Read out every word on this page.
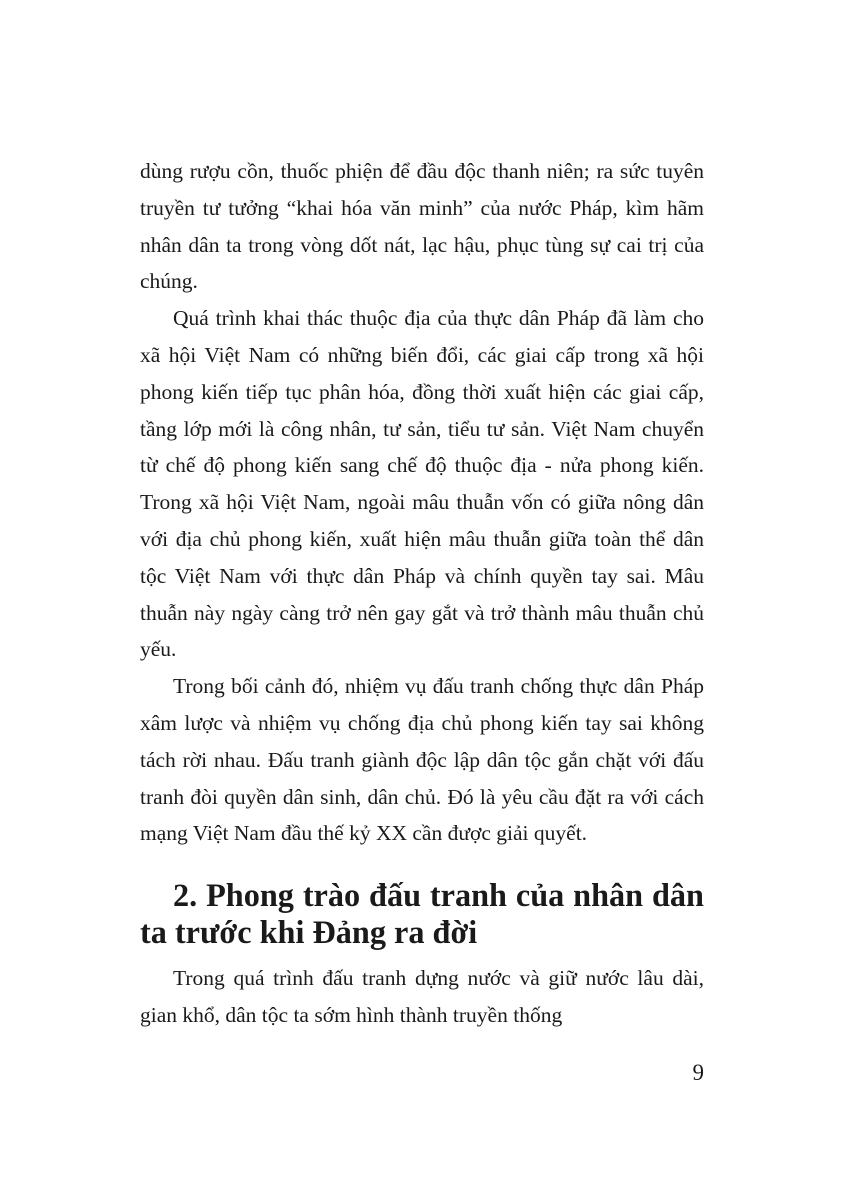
dùng rượu cồn, thuốc phiện để đầu độc thanh niên; ra sức tuyên truyền tư tưởng “khai hóa văn minh” của nước Pháp, kìm hãm nhân dân ta trong vòng dốt nát, lạc hậu, phục tùng sự cai trị của chúng.

Quá trình khai thác thuộc địa của thực dân Pháp đã làm cho xã hội Việt Nam có những biến đổi, các giai cấp trong xã hội phong kiến tiếp tục phân hóa, đồng thời xuất hiện các giai cấp, tầng lớp mới là công nhân, tư sản, tiểu tư sản. Việt Nam chuyển từ chế độ phong kiến sang chế độ thuộc địa - nửa phong kiến. Trong xã hội Việt Nam, ngoài mâu thuẫn vốn có giữa nông dân với địa chủ phong kiến, xuất hiện mâu thuẫn giữa toàn thể dân tộc Việt Nam với thực dân Pháp và chính quyền tay sai. Mâu thuẫn này ngày càng trở nên gay gắt và trở thành mâu thuẫn chủ yếu.

Trong bối cảnh đó, nhiệm vụ đấu tranh chống thực dân Pháp xâm lược và nhiệm vụ chống địa chủ phong kiến tay sai không tách rời nhau. Đấu tranh giành độc lập dân tộc gắn chặt với đấu tranh đòi quyền dân sinh, dân chủ. Đó là yêu cầu đặt ra với cách mạng Việt Nam đầu thế kỷ XX cần được giải quyết.

2. Phong trào đấu tranh của nhân dân ta trước khi Đảng ra đời

Trong quá trình đấu tranh dựng nước và giữ nước lâu dài, gian khổ, dân tộc ta sớm hình thành truyền thống

9
